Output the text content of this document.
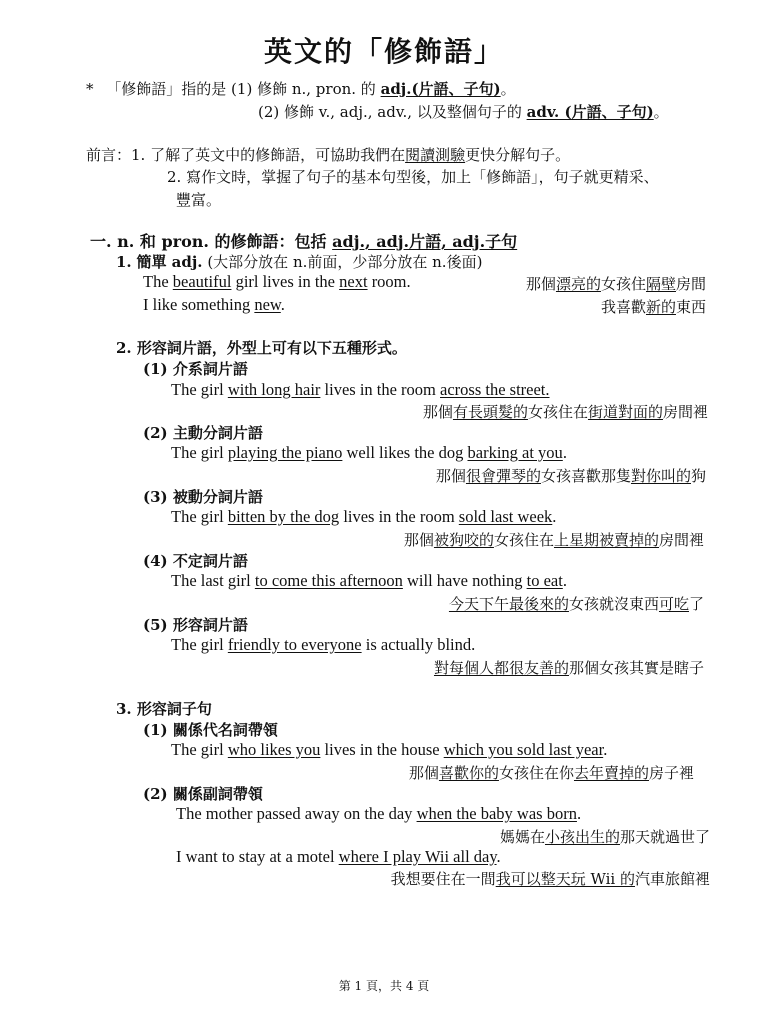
英文的「修飾語」
* 「修飾語」指的是 (1) 修飾 n., pron. 的 adj.(片語、子句)。
(2) 修飾 v., adj., adv., 以及整個句子的 adv. (片語、子句)。
前言：1. 了解了英文中的修飾語，可協助我們在閱讀測驗更快分解句子。
2. 寫作文時，掌握了句子的基本句型後，加上「修飾語」，句子就更精采、
豐富。
一. n. 和 pron. 的修飾語：包括 adj., adj.片語, adj.子句
1. 簡單 adj. (大部分放在 n.前面，少部分放在 n.後面)
The beautiful girl lives in the next room.	那個漂亮的女孩住隔壁房間
I like something new.	我喜歡新的東西
2. 形容詞片語，外型上可有以下五種形式。
(1) 介系詞片語
The girl with long hair lives in the room across the street.
那個有長頭髮的女孩住在街道對面的房間裡
(2) 主動分詞片語
The girl playing the piano well likes the dog barking at you.
那個很會彈琴的女孩喜歡那隻對你叫的狗
(3) 被動分詞片語
The girl bitten by the dog lives in the room sold last week.
那個被狗咬的女孩住在上星期被賣掉的房間裡
(4) 不定詞片語
The last girl to come this afternoon will have nothing to eat.
今天下午最後來的女孩就沒東西可吃了
(5) 形容詞片語
The girl friendly to everyone is actually blind.
對每個人都很友善的那個女孩其實是瞎子
3. 形容詞子句
(1) 關係代名詞帶領
The girl who likes you lives in the house which you sold last year.
那個喜歡你的女孩住在你去年賣掉的房子裡
(2) 關係副詞帶領
The mother passed away on the day when the baby was born.
媽媽在小孩出生的那天就過世了
I want to stay at a motel where I play Wii all day.
我想要住在一間我可以整天玩 Wii 的汽車旅館裡
第 1 頁，共 4 頁
